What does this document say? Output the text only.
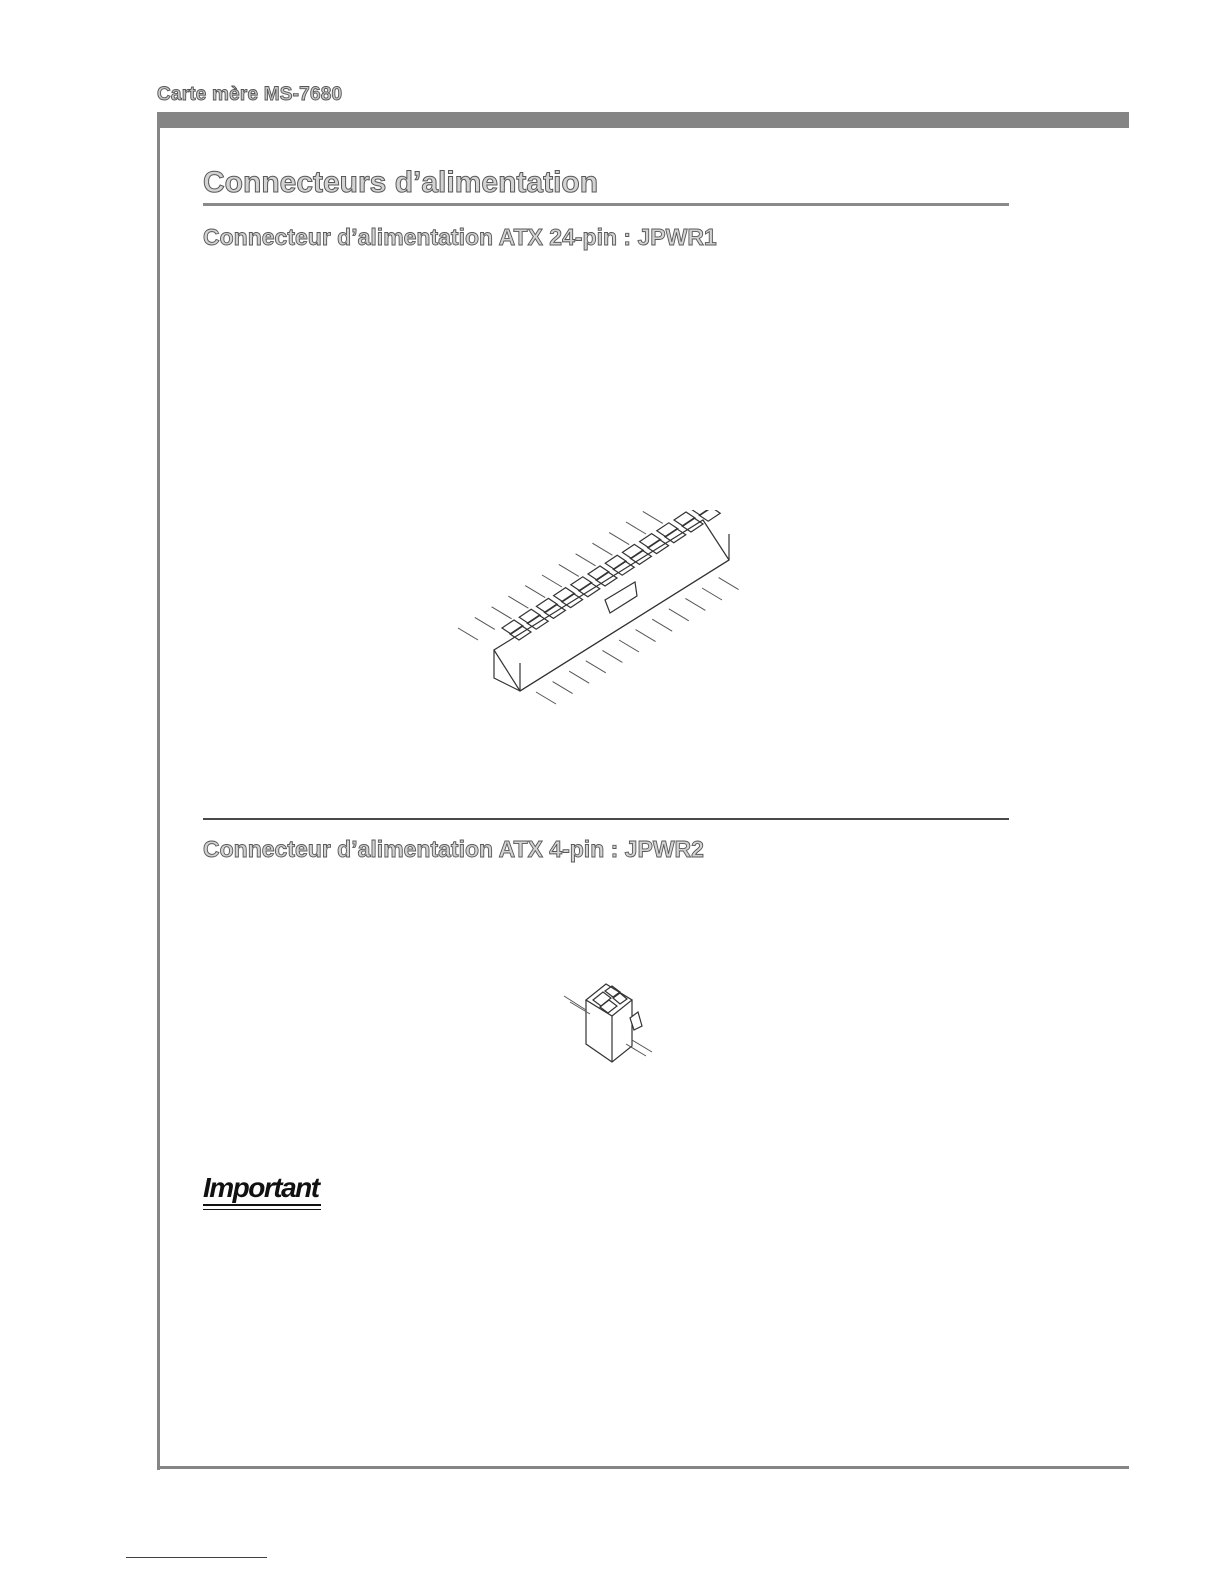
Carte mère MS-7680
Connecteurs d’alimentation
Connecteur d’alimentation ATX 24-pin : JPWR1
Connecteur d’alimentation ATX 4-pin : JPWR2
Important
